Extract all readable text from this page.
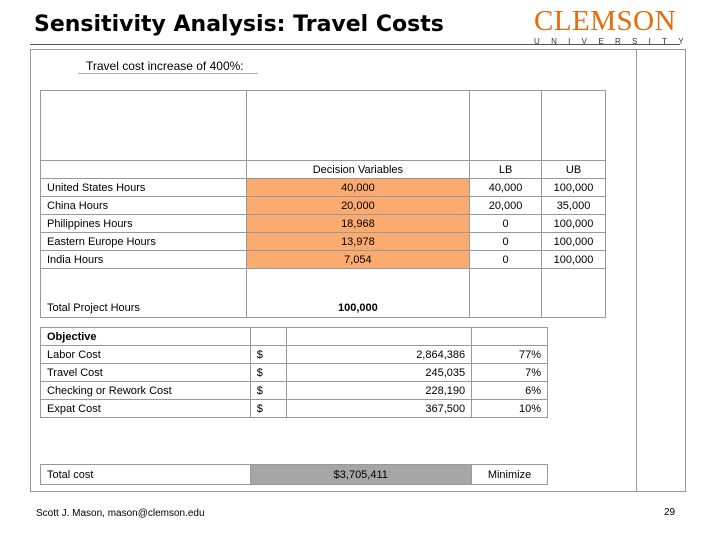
Sensitivity Analysis: Travel Costs	CLEMSON
UNIVERSITY
Travel cost increase of 400%:

	Decision Variables	LB	UB
United States Hours	40,000	40,000	100,000
China Hours	20,000	20,000	35,000
Philippines Hours	18,968	0	100,000
Eastern Europe Hours	13,978	0	100,000
India Hours	7,054	0	100,000
Total Project Hours	100,000		
Objective			
Labor Cost	$	2,864,386	77%
Travel Cost	$	245,035	7%
Checking or Rework Cost	$	228,190	6%
Expat Cost	$	367,500	10%
Total cost	$3,705,411	Minimize
Scott J. Mason, mason@clemson.edu	29
